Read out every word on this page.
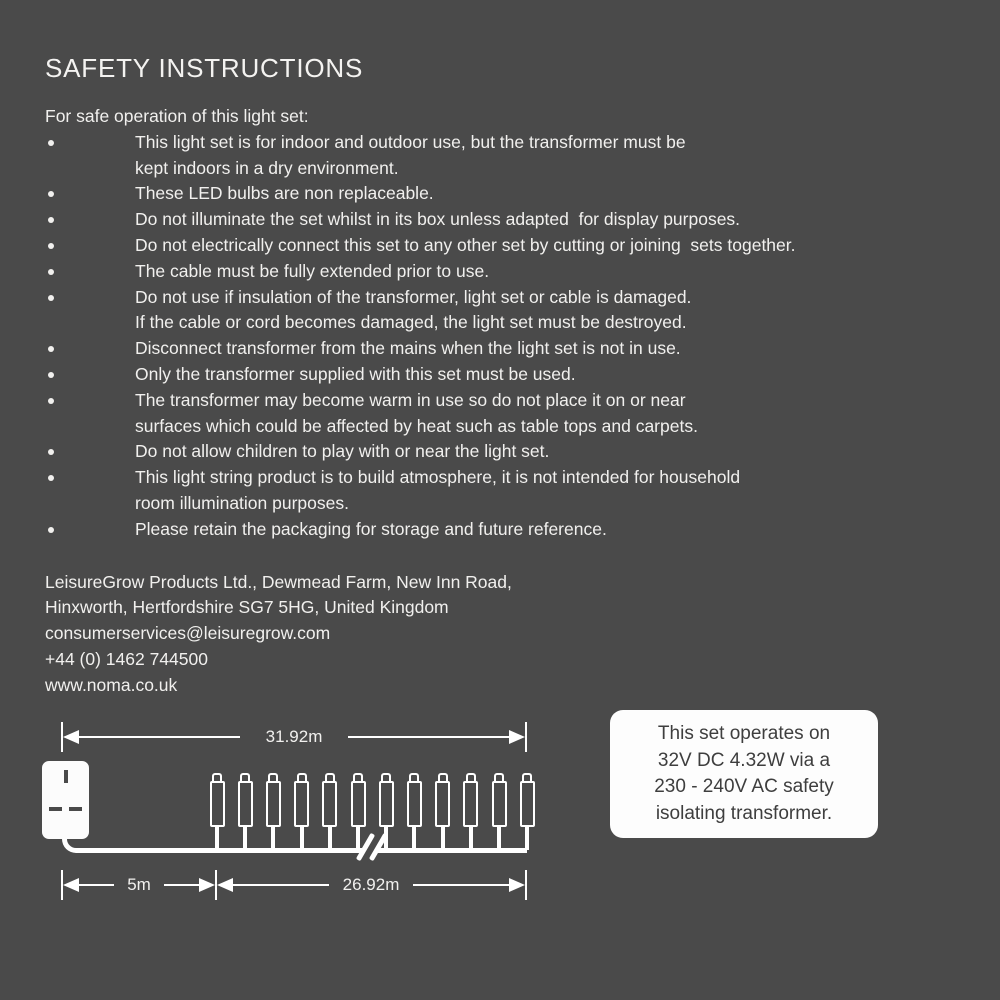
SAFETY INSTRUCTIONS
For safe operation of this light set:
This light set is for indoor and outdoor use, but the transformer must be
kept indoors in a dry environment.
These LED bulbs are non replaceable.
Do not illuminate the set whilst in its box unless adapted  for display purposes.
Do not electrically connect this set to any other set by cutting or joining  sets together.
The cable must be fully extended prior to use.
Do not use if insulation of the transformer, light set or cable is damaged.
If the cable or cord becomes damaged, the light set must be destroyed.
Disconnect transformer from the mains when the light set is not in use.
Only the transformer supplied with this set must be used.
The transformer may become warm in use so do not place it on or near
surfaces which could be affected by heat such as table tops and carpets.
Do not allow children to play with or near the light set.
This light string product is to build atmosphere, it is not intended for household
room illumination purposes.
Please retain the packaging for storage and future reference.
LeisureGrow Products Ltd., Dewmead Farm, New Inn Road,
Hinxworth, Hertfordshire SG7 5HG, United Kingdom
consumerservices@leisuregrow.com
+44 (0) 1462 744500
www.noma.co.uk
31.92m
5m	26.92m
This set operates on
32V DC 4.32W via a
230 - 240V AC safety
isolating transformer.
